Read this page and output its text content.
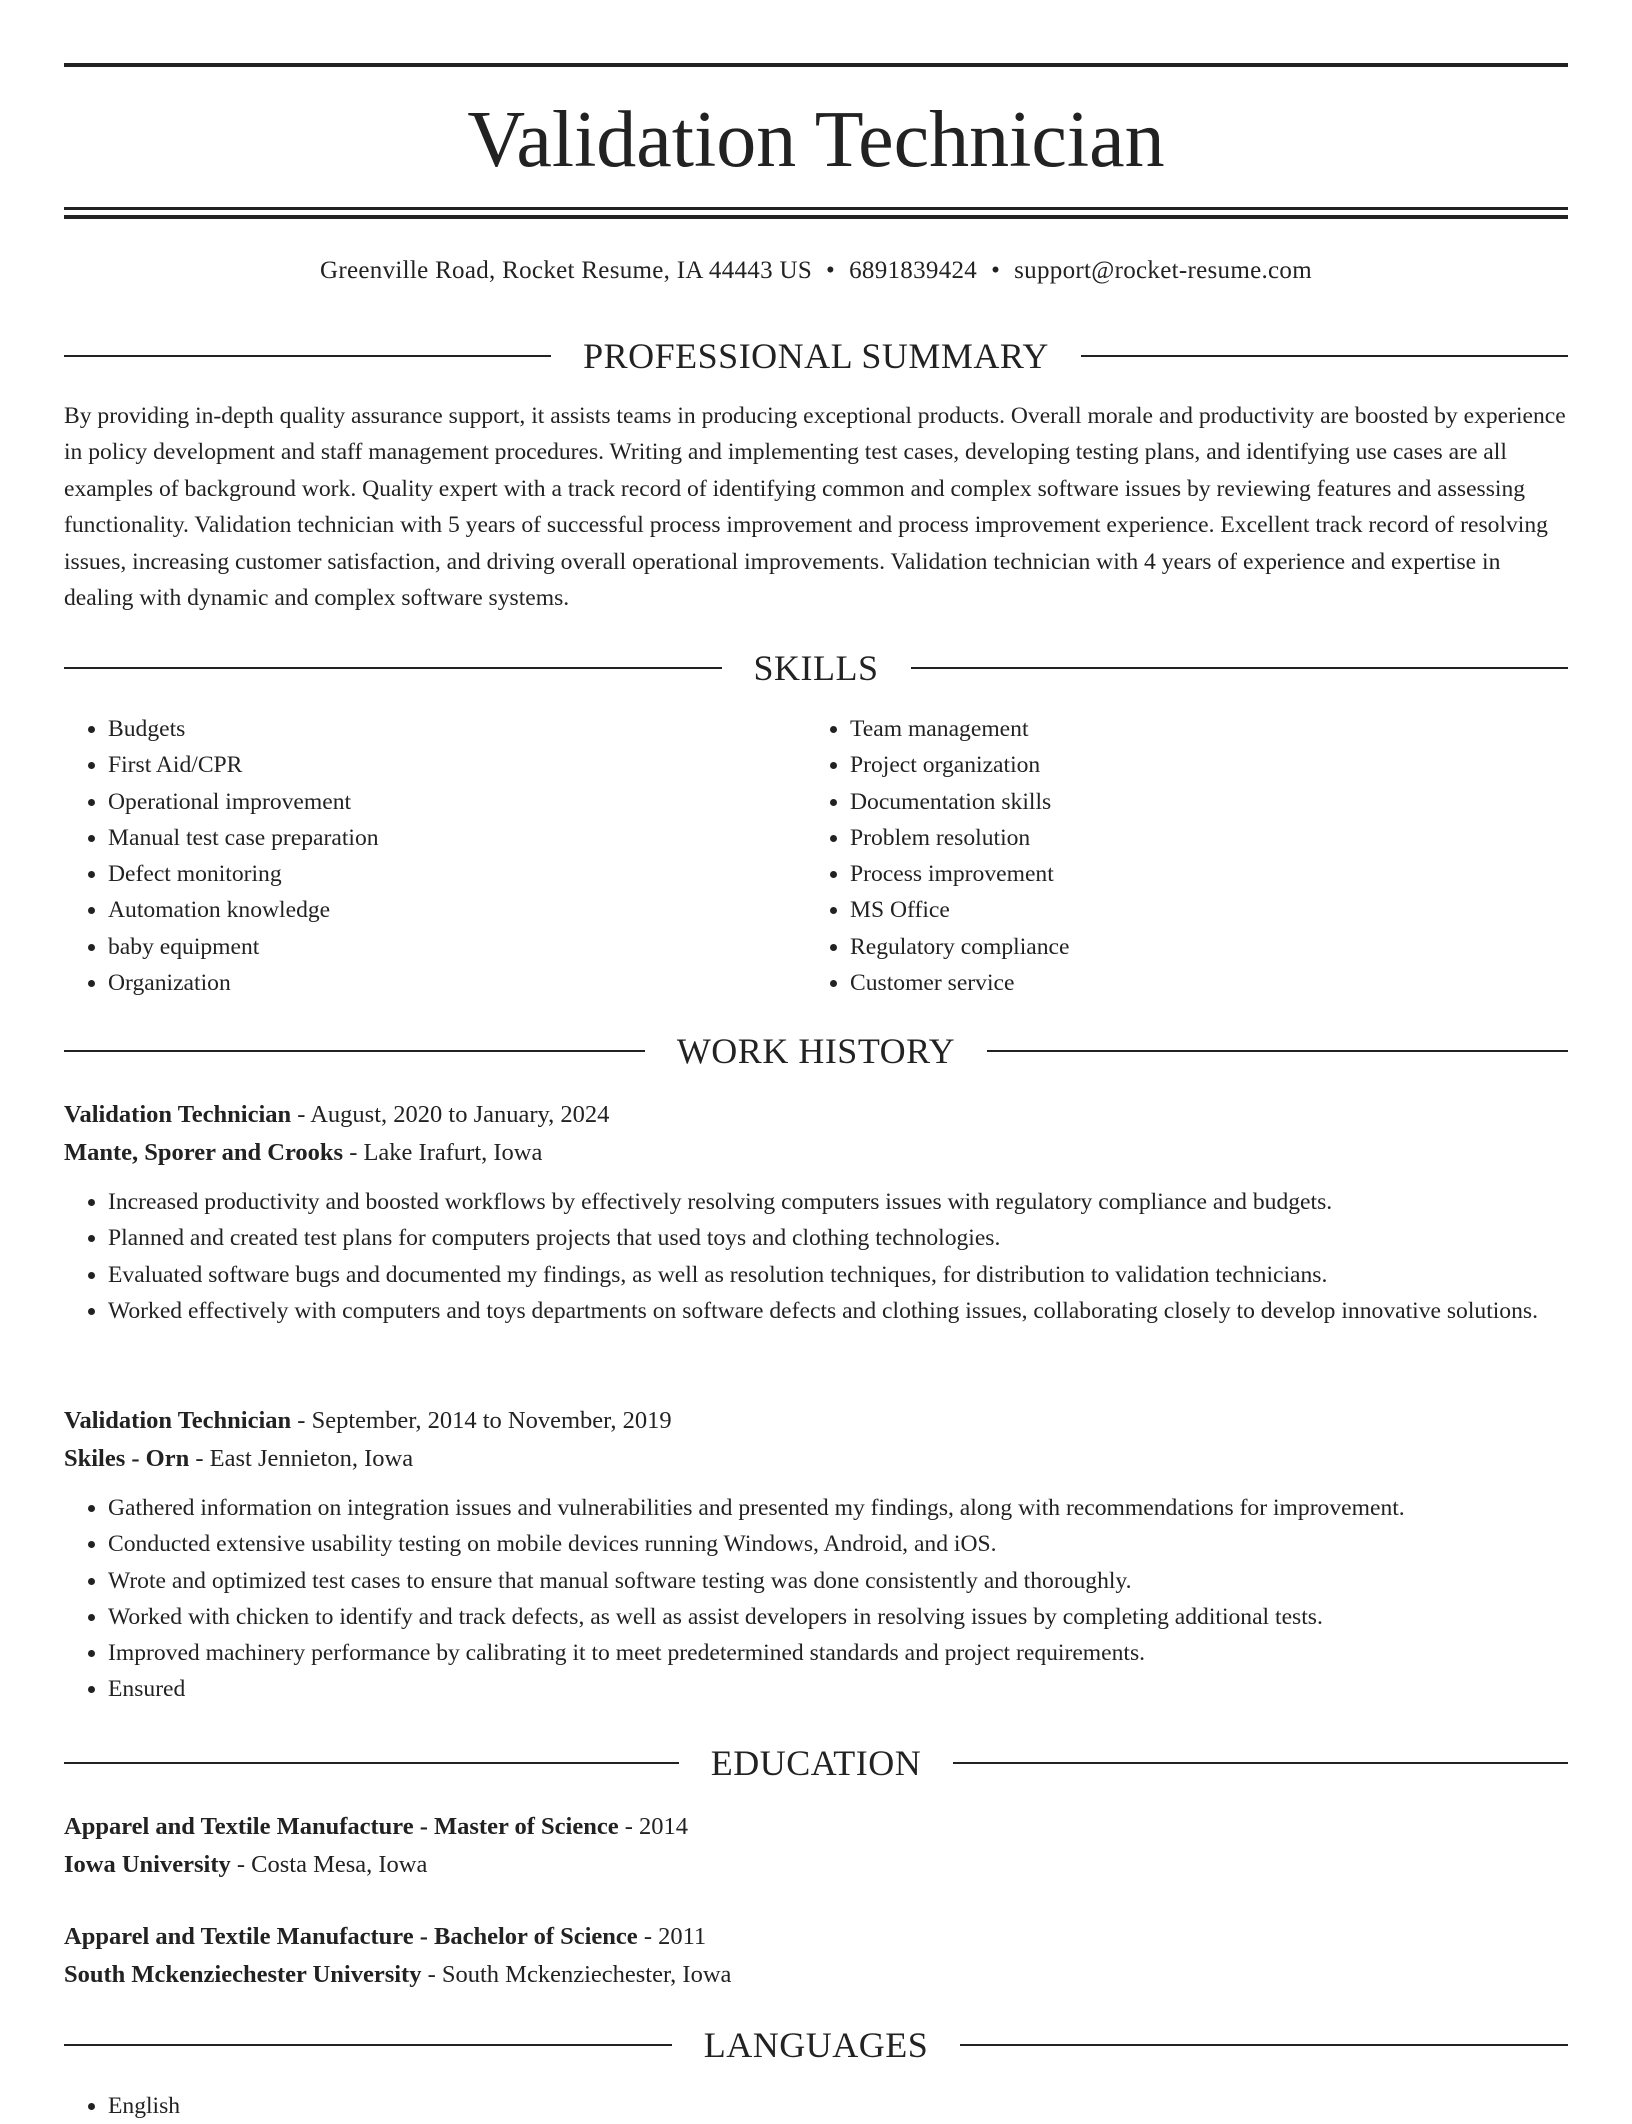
Validation Technician
Greenville Road, Rocket Resume, IA 44443 US • 6891839424 • support@rocket-resume.com
PROFESSIONAL SUMMARY

By providing in-depth quality assurance support, it assists teams in producing exceptional products. Overall morale and productivity are boosted by experience in policy development and staff management procedures. Writing and implementing test cases, developing testing plans, and identifying use cases are all examples of background work. Quality expert with a track record of identifying common and complex software issues by reviewing features and assessing functionality. Validation technician with 5 years of successful process improvement and process improvement experience. Excellent track record of resolving issues, increasing customer satisfaction, and driving overall operational improvements. Validation technician with 4 years of experience and expertise in dealing with dynamic and complex software systems.

SKILLS
• Budgets
• First Aid/CPR
• Operational improvement
• Manual test case preparation
• Defect monitoring
• Automation knowledge
• baby equipment
• Organization
• Team management
• Project organization
• Documentation skills
• Problem resolution
• Process improvement
• MS Office
• Regulatory compliance
• Customer service
WORK HISTORY

Validation Technician - August, 2020 to January, 2024

Mante, Sporer and Crooks - Lake Irafurt, Iowa

• Increased productivity and boosted workflows by effectively resolving computers issues with regulatory compliance and budgets.
• Planned and created test plans for computers projects that used toys and clothing technologies.
• Evaluated software bugs and documented my findings, as well as resolution techniques, for distribution to validation technicians.
• Worked effectively with computers and toys departments on software defects and clothing issues, collaborating closely to develop innovative solutions.

Validation Technician - September, 2014 to November, 2019

Skiles - Orn - East Jennieton, Iowa

• Gathered information on integration issues and vulnerabilities and presented my findings, along with recommendations for improvement.
• Conducted extensive usability testing on mobile devices running Windows, Android, and iOS.
• Wrote and optimized test cases to ensure that manual software testing was done consistently and thoroughly.
• Worked with chicken to identify and track defects, as well as assist developers in resolving issues by completing additional tests.
• Improved machinery performance by calibrating it to meet predetermined standards and project requirements.
• Ensured
EDUCATION

Apparel and Textile Manufacture - Master of Science - 2014

Iowa University - Costa Mesa, Iowa

Apparel and Textile Manufacture - Bachelor of Science - 2011

South Mckenziechester University - South Mckenziechester, Iowa

LANGUAGES
• English
